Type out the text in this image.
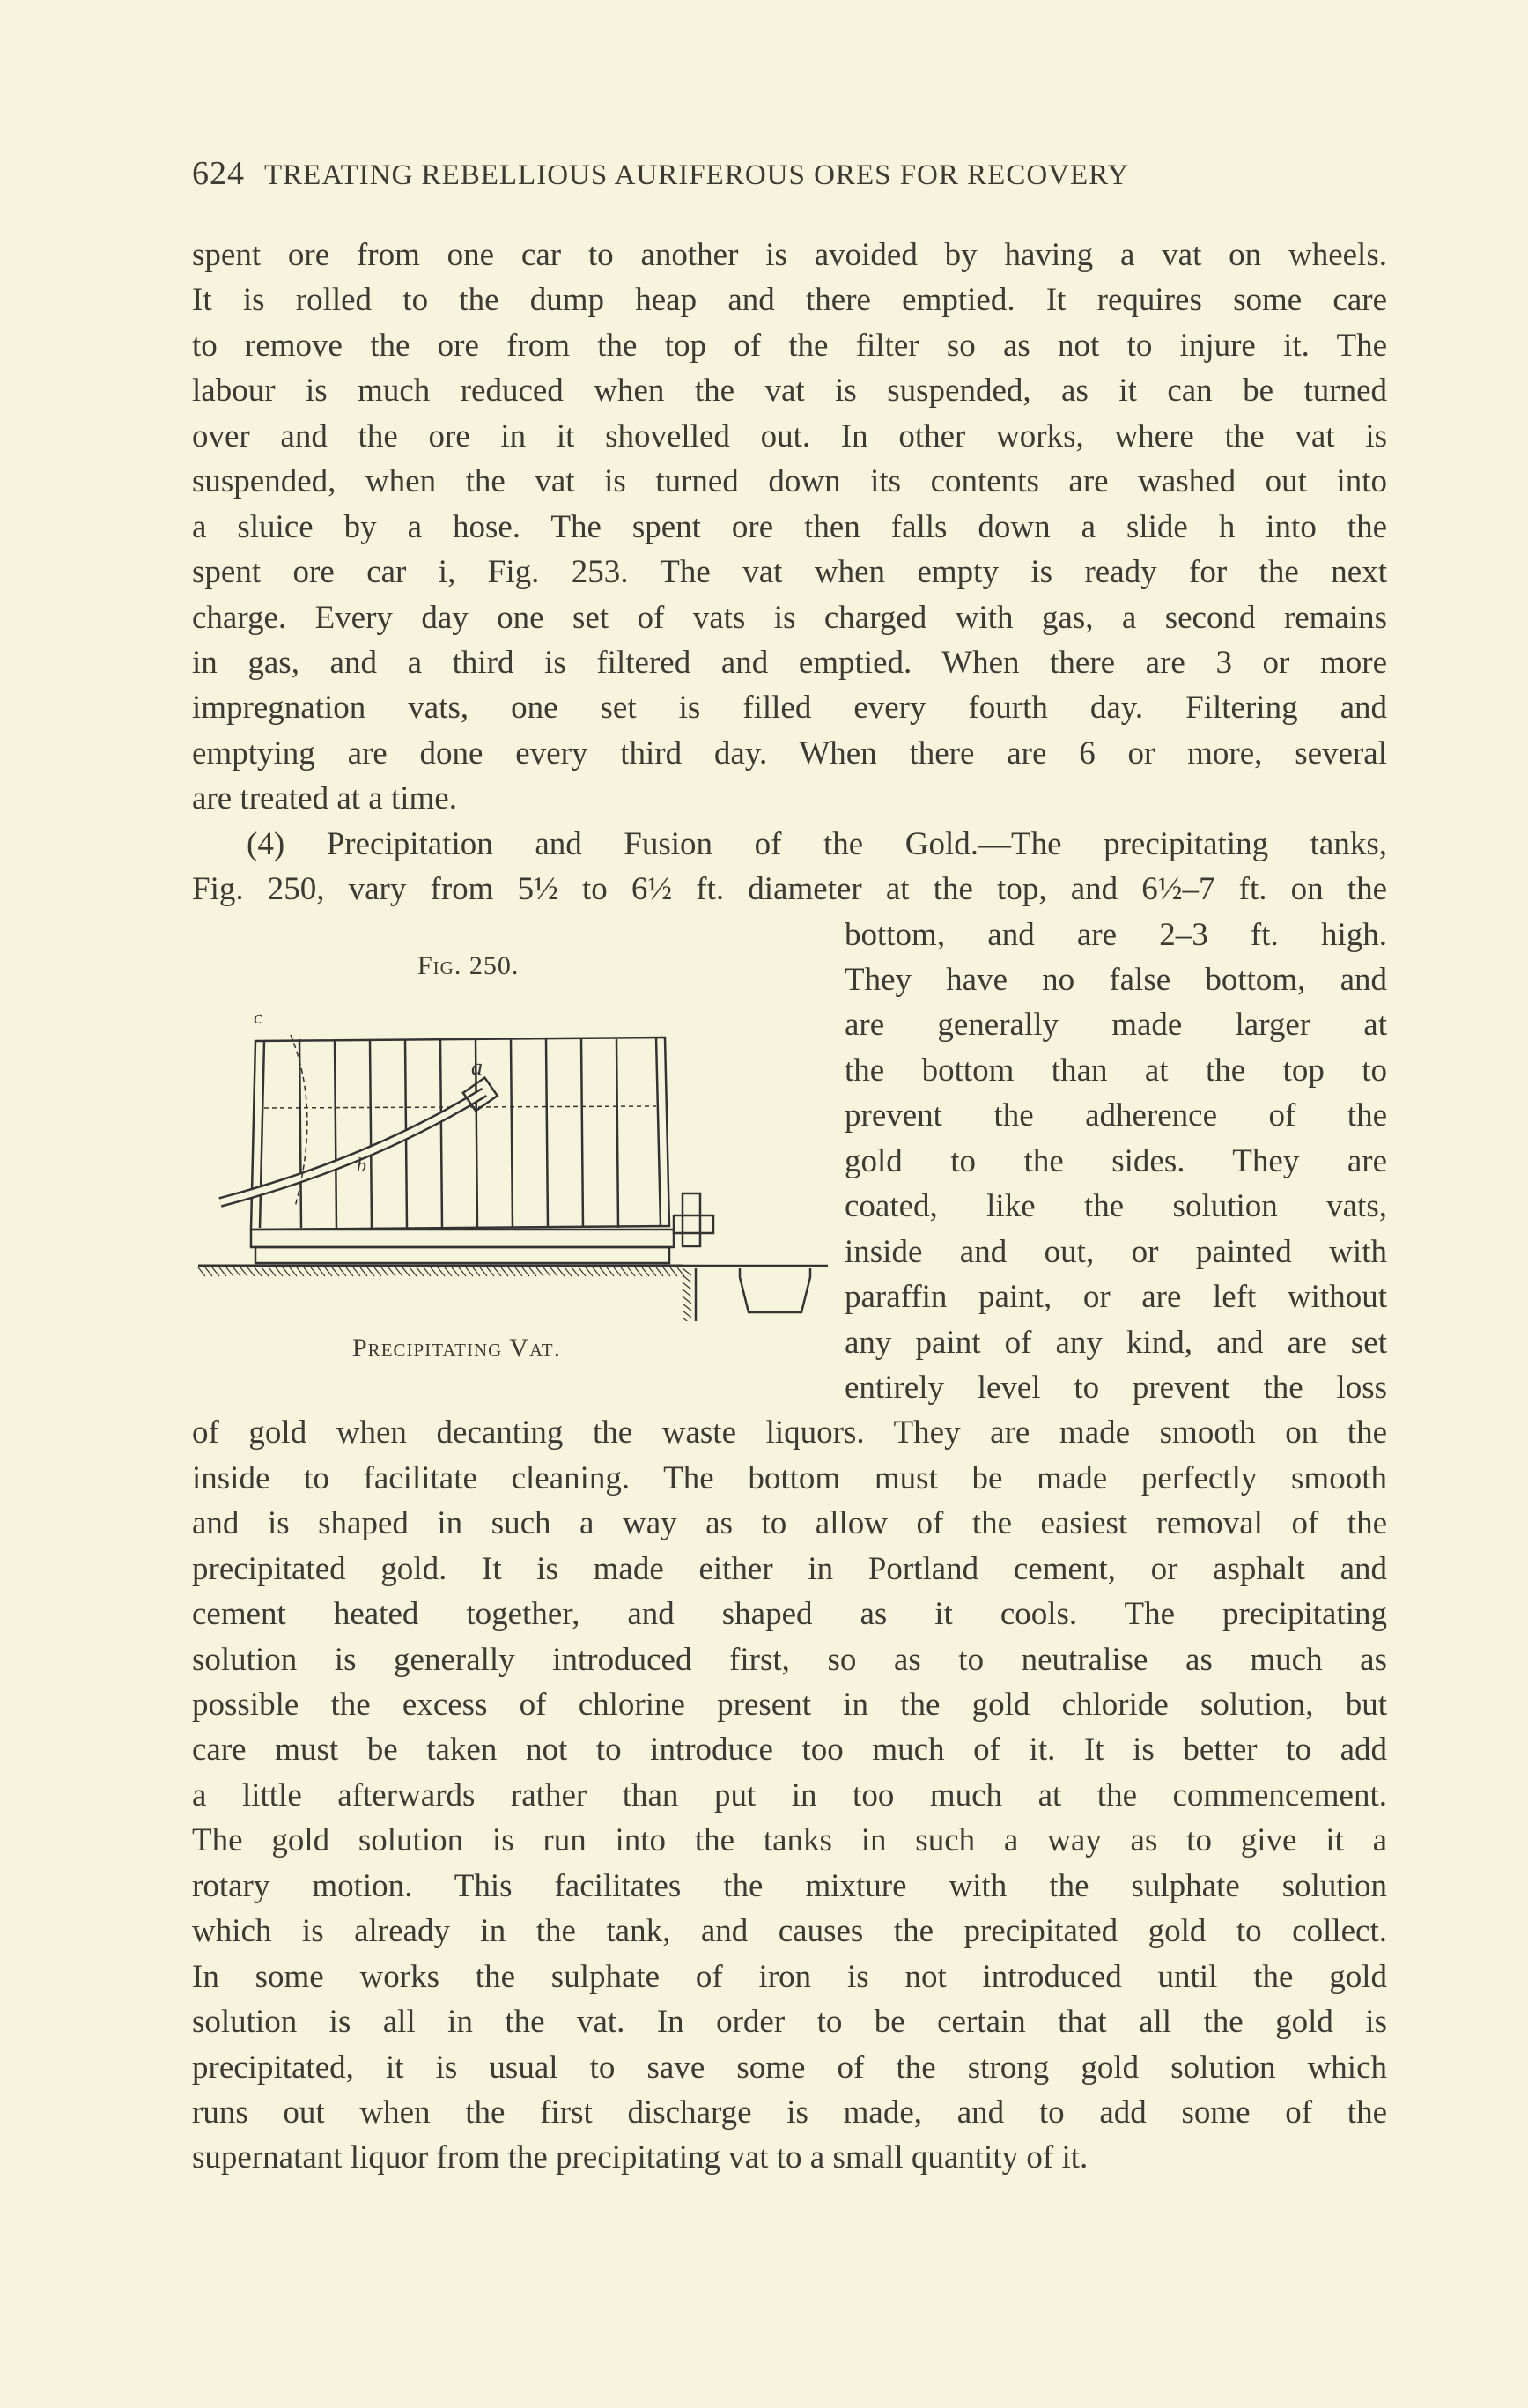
624 TREATING REBELLIOUS AURIFEROUS ORES FOR RECOVERY
spent ore from one car to another is avoided by having a vat on wheels.
It is rolled to the dump heap and there emptied. It requires some care
to remove the ore from the top of the filter so as not to injure it. The
labour is much reduced when the vat is suspended, as it can be turned
over and the ore in it shovelled out. In other works, where the vat is
suspended, when the vat is turned down its contents are washed out into
a sluice by a hose. The spent ore then falls down a slide h into the
spent ore car i, Fig. 253. The vat when empty is ready for the next
charge. Every day one set of vats is charged with gas, a second remains
in gas, and a third is filtered and emptied. When there are 3 or more
impregnation vats, one set is filled every fourth day. Filtering and
emptying are done every third day. When there are 6 or more, several
are treated at a time.
(4) Precipitation and Fusion of the Gold.—The precipitating tanks,
Fig. 250, vary from 5½ to 6½ ft. diameter at the top, and 6½–7 ft. on the
bottom, and are 2–3 ft. high.
They have no false bottom, and
are generally made larger at
the bottom than at the top to
prevent the adherence of the
gold to the sides. They are
coated, like the solution vats,
inside and out, or painted with
paraffin paint, or are left without
any paint of any kind, and are set
entirely level to prevent the loss
of gold when decanting the waste liquors. They are made smooth on the
inside to facilitate cleaning. The bottom must be made perfectly smooth
and is shaped in such a way as to allow of the easiest removal of the
precipitated gold. It is made either in Portland cement, or asphalt and
cement heated together, and shaped as it cools. The precipitating
solution is generally introduced first, so as to neutralise as much as
possible the excess of chlorine present in the gold chloride solution, but
care must be taken not to introduce too much of it. It is better to add
a little afterwards rather than put in too much at the commencement.
The gold solution is run into the tanks in such a way as to give it a
rotary motion. This facilitates the mixture with the sulphate solution
which is already in the tank, and causes the precipitated gold to collect.
In some works the sulphate of iron is not introduced until the gold
solution is all in the vat. In order to be certain that all the gold is
precipitated, it is usual to save some of the strong gold solution which
runs out when the first discharge is made, and to add some of the
supernatant liquor from the precipitating vat to a small quantity of it.
Fig. 250.
a
b
c
Precipitating Vat.
